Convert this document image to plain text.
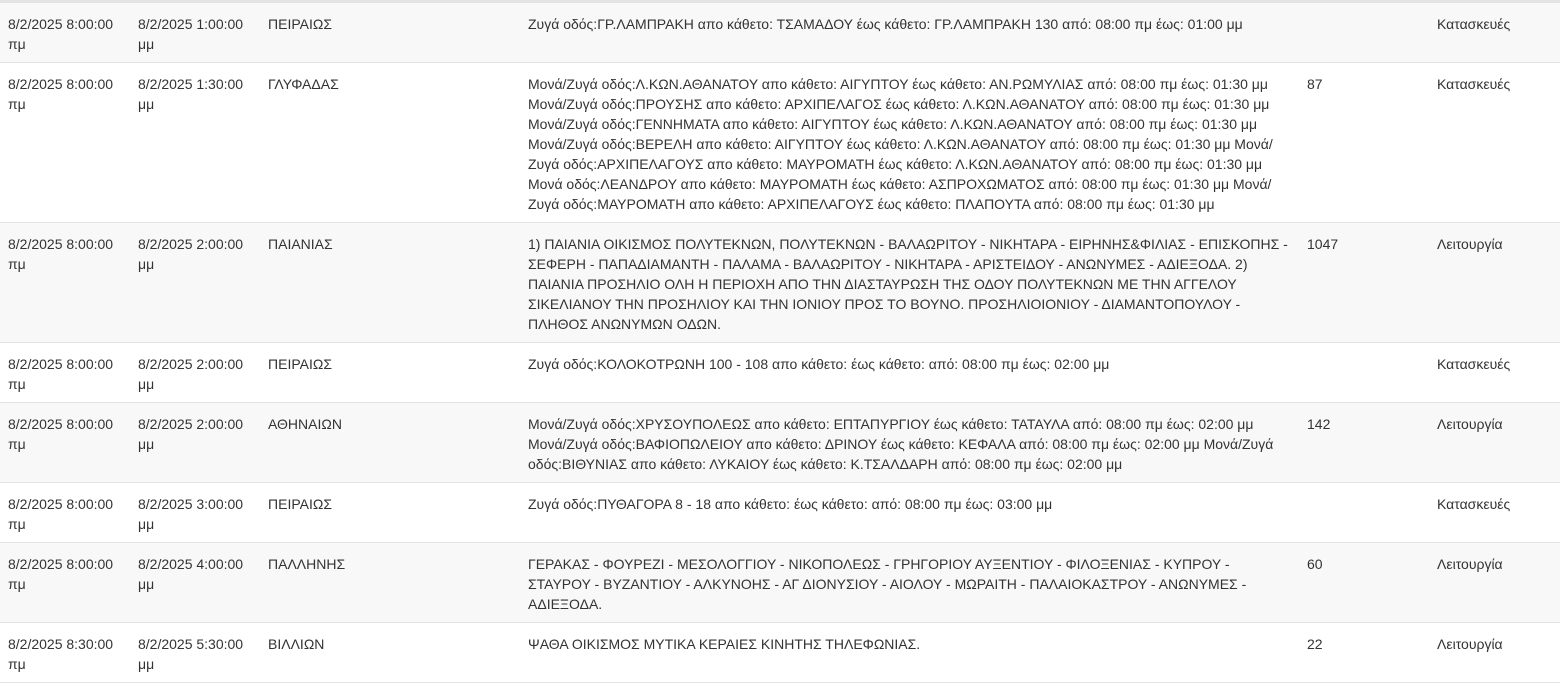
8/2/2025 8:00:00 πμ	8/2/2025 1:00:00 μμ	ΠΕΙΡΑΙΩΣ	Ζυγά οδός:ΓΡ.ΛΑΜΠΡΑΚΗ απο κάθετο: ΤΣΑΜΑΔΟΥ έως κάθετο: ΓΡ.ΛΑΜΠΡΑΚΗ 130 από: 08:00 πμ έως: 01:00 μμ		Κατασκευές
8/2/2025 8:00:00 πμ	8/2/2025 1:30:00 μμ	ΓΛΥΦΑΔΑΣ	Μονά/Ζυγά οδός:Λ.ΚΩΝ.ΑΘΑΝΑΤΟΥ απο κάθετο: ΑΙΓΥΠΤΟΥ έως κάθετο: ΑΝ.ΡΩΜΥΛΙΑΣ από: 08:00 πμ έως: 01:30 μμ Μονά/Ζυγά οδός:ΠΡΟΥΣΗΣ απο κάθετο: ΑΡΧΙΠΕΛΑΓΟΣ έως κάθετο: Λ.ΚΩΝ.ΑΘΑΝΑΤΟΥ από: 08:00 πμ έως: 01:30 μμ Μονά/Ζυγά οδός:ΓΕΝΝΗΜΑΤΑ απο κάθετο: ΑΙΓΥΠΤΟΥ έως κάθετο: Λ.ΚΩΝ.ΑΘΑΝΑΤΟΥ από: 08:00 πμ έως: 01:30 μμ Μονά/Ζυγά οδός:ΒΕΡΕΛΗ απο κάθετο: ΑΙΓΥΠΤΟΥ έως κάθετο: Λ.ΚΩΝ.ΑΘΑΝΑΤΟΥ από: 08:00 πμ έως: 01:30 μμ Μονά/Ζυγά οδός:ΑΡΧΙΠΕΛΑΓΟΥΣ απο κάθετο: ΜΑΥΡΟΜΑΤΗ έως κάθετο: Λ.ΚΩΝ.ΑΘΑΝΑΤΟΥ από: 08:00 πμ έως: 01:30 μμ Μονά οδός:ΛΕΑΝΔΡΟΥ απο κάθετο: ΜΑΥΡΟΜΑΤΗ έως κάθετο: ΑΣΠΡΟΧΩΜΑΤΟΣ από: 08:00 πμ έως: 01:30 μμ Μονά/Ζυγά οδός:ΜΑΥΡΟΜΑΤΗ απο κάθετο: ΑΡΧΙΠΕΛΑΓΟΥΣ έως κάθετο: ΠΛΑΠΟΥΤΑ από: 08:00 πμ έως: 01:30 μμ	87	Κατασκευές
8/2/2025 8:00:00 πμ	8/2/2025 2:00:00 μμ	ΠΑΙΑΝΙΑΣ	1) ΠΑΙΑΝΙΑ ΟΙΚΙΣΜΟΣ ΠΟΛΥΤΕΚΝΩΝ, ΠΟΛΥΤΕΚΝΩΝ - ΒΑΛΑΩΡΙΤΟΥ - ΝΙΚΗΤΑΡΑ - ΕΙΡΗΝΗΣ&ΦΙΛΙΑΣ - ΕΠΙΣΚΟΠΗΣ - ΣΕΦΕΡΗ - ΠΑΠΑΔΙΑΜΑΝΤΗ - ΠΑΛΑΜΑ - ΒΑΛΑΩΡΙΤΟΥ - ΝΙΚΗΤΑΡΑ - ΑΡΙΣΤΕΙΔΟΥ - ΑΝΩΝΥΜΕΣ - ΑΔΙΕΞΟΔΑ. 2) ΠΑΙΑΝΙΑ ΠΡΟΣΗΛΙΟ ΟΛΗ Η ΠΕΡΙΟΧΗ ΑΠΟ ΤΗΝ ΔΙΑΣΤΑΥΡΩΣΗ ΤΗΣ ΟΔΟΥ ΠΟΛΥΤΕΚΝΩΝ ΜΕ ΤΗΝ ΑΓΓΕΛΟΥ ΣΙΚΕΛΙΑΝΟΥ ΤΗΝ ΠΡΟΣΗΛΙΟΥ ΚΑΙ ΤΗΝ ΙΟΝΙΟΥ ΠΡΟΣ ΤΟ ΒΟΥΝΟ. ΠΡΟΣΗΛΙΟΙΟΝΙΟΥ - ΔΙΑΜΑΝΤΟΠΟΥΛΟΥ - ΠΛΗΘΟΣ ΑΝΩΝΥΜΩΝ ΟΔΩΝ.	1047	Λειτουργία
8/2/2025 8:00:00 πμ	8/2/2025 2:00:00 μμ	ΠΕΙΡΑΙΩΣ	Ζυγά οδός:ΚΟΛΟΚΟΤΡΩΝΗ 100 - 108 απο κάθετο: έως κάθετο: από: 08:00 πμ έως: 02:00 μμ		Κατασκευές
8/2/2025 8:00:00 πμ	8/2/2025 2:00:00 μμ	ΑΘΗΝΑΙΩΝ	Μονά/Ζυγά οδός:ΧΡΥΣΟΥΠΟΛΕΩΣ απο κάθετο: ΕΠΤΑΠΥΡΓΙΟΥ έως κάθετο: ΤΑΤΑΥΛΑ από: 08:00 πμ έως: 02:00 μμ Μονά/Ζυγά οδός:ΒΑΦΙΟΠΩΛΕΙΟΥ απο κάθετο: ΔΡΙΝΟΥ έως κάθετο: ΚΕΦΑΛΑ από: 08:00 πμ έως: 02:00 μμ Μονά/Ζυγά οδός:ΒΙΘΥΝΙΑΣ απο κάθετο: ΛΥΚΑΙΟΥ έως κάθετο: Κ.ΤΣΑΛΔΑΡΗ από: 08:00 πμ έως: 02:00 μμ	142	Λειτουργία
8/2/2025 8:00:00 πμ	8/2/2025 3:00:00 μμ	ΠΕΙΡΑΙΩΣ	Ζυγά οδός:ΠΥΘΑΓΟΡΑ 8 - 18 απο κάθετο: έως κάθετο: από: 08:00 πμ έως: 03:00 μμ		Κατασκευές
8/2/2025 8:00:00 πμ	8/2/2025 4:00:00 μμ	ΠΑΛΛΗΝΗΣ	ΓΕΡΑΚΑΣ - ΦΟΥΡΕΖΙ - ΜΕΣΟΛΟΓΓΙΟΥ - ΝΙΚΟΠΟΛΕΩΣ - ΓΡΗΓΟΡΙΟΥ ΑΥΞΕΝΤΙΟΥ - ΦΙΛΟΞΕΝΙΑΣ - ΚΥΠΡΟΥ - ΣΤΑΥΡΟΥ - ΒΥΖΑΝΤΙΟΥ - ΑΛΚΥΝΟΗΣ - ΑΓ ΔΙΟΝΥΣΙΟΥ - ΑΙΟΛΟΥ - ΜΩΡΑΙΤΗ - ΠΑΛΑΙΟΚΑΣΤΡΟΥ - ΑΝΩΝΥΜΕΣ - ΑΔΙΕΞΟΔΑ.	60	Λειτουργία
8/2/2025 8:30:00 πμ	8/2/2025 5:30:00 μμ	ΒΙΛΛΙΩΝ	ΨΑΘΑ ΟΙΚΙΣΜΟΣ ΜΥΤΙΚΑ ΚΕΡΑΙΕΣ ΚΙΝΗΤΗΣ ΤΗΛΕΦΩΝΙΑΣ.	22	Λειτουργία
